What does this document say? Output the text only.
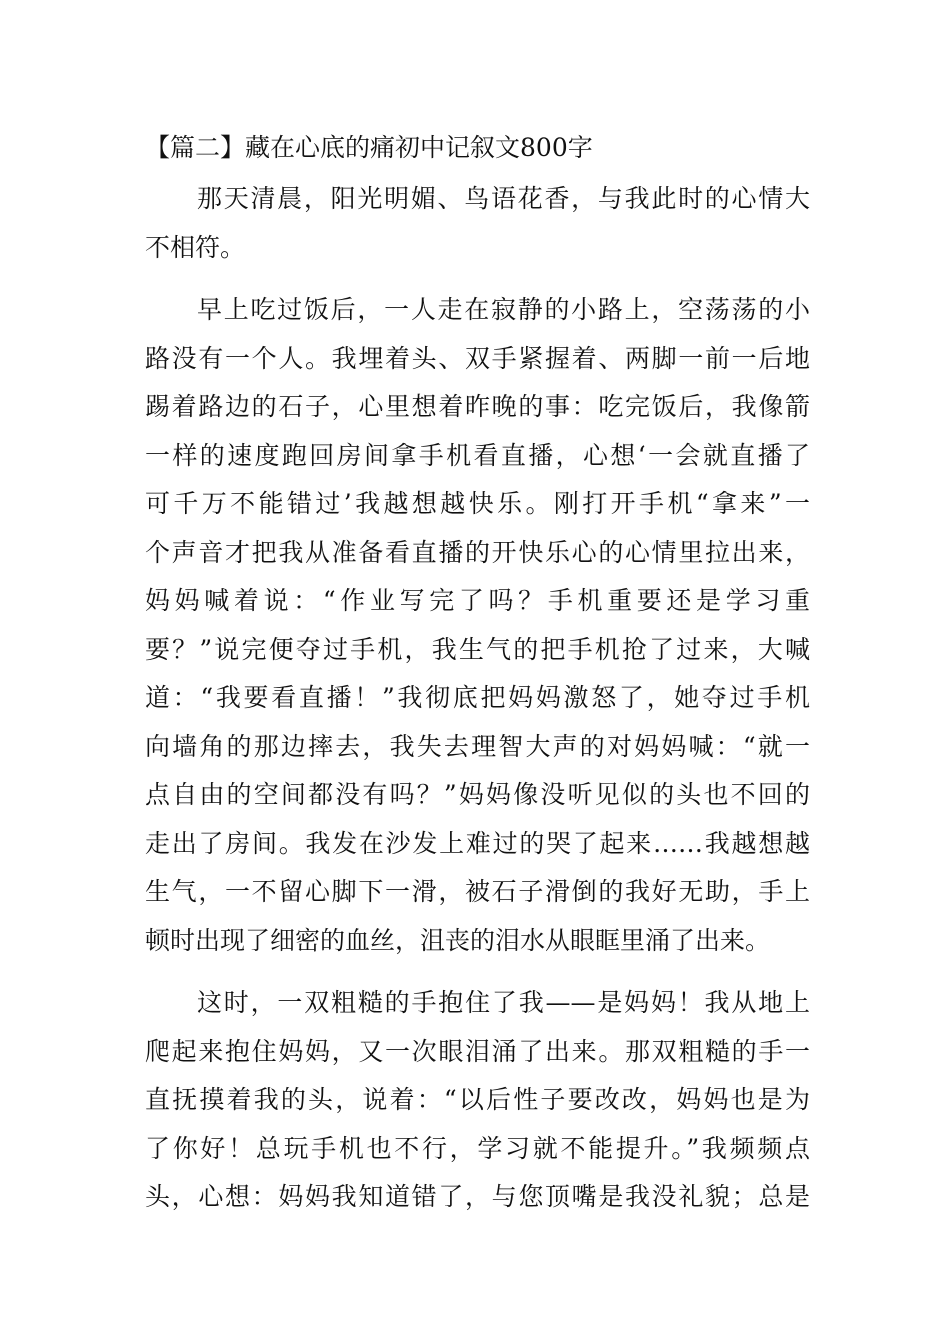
【篇二】藏在心底的痛初中记叙文800字
那天清晨，阳光明媚、鸟语花香，与我此时的心情大
不相符。
早上吃过饭后，一人走在寂静的小路上，空荡荡的小
路没有一个人。我埋着头、双手紧握着、两脚一前一后地
踢着路边的石子，心里想着昨晚的事：吃完饭后，我像箭
一样的速度跑回房间拿手机看直播，心想‘一会就直播了
可千万不能错过’我越想越快乐。刚打开手机“拿来”一
个声音才把我从准备看直播的开快乐心的心情里拉出来，
妈妈喊着说：“作业写完了吗？手机重要还是学习重
要？”说完便夺过手机，我生气的把手机抢了过来，大喊
道：“我要看直播！”我彻底把妈妈激怒了，她夺过手机
向墙角的那边摔去，我失去理智大声的对妈妈喊：“就一
点自由的空间都没有吗？”妈妈像没听见似的头也不回的
走出了房间。我发在沙发上难过的哭了起来……我越想越
生气，一不留心脚下一滑，被石子滑倒的我好无助，手上
顿时出现了细密的血丝，沮丧的泪水从眼眶里涌了出来。
这时，一双粗糙的手抱住了我——是妈妈！我从地上
爬起来抱住妈妈，又一次眼泪涌了出来。那双粗糙的手一
直抚摸着我的头，说着：“以后性子要改改，妈妈也是为
了你好！总玩手机也不行，学习就不能提升。”我频频点
头，心想：妈妈我知道错了，与您顶嘴是我没礼貌；总是
